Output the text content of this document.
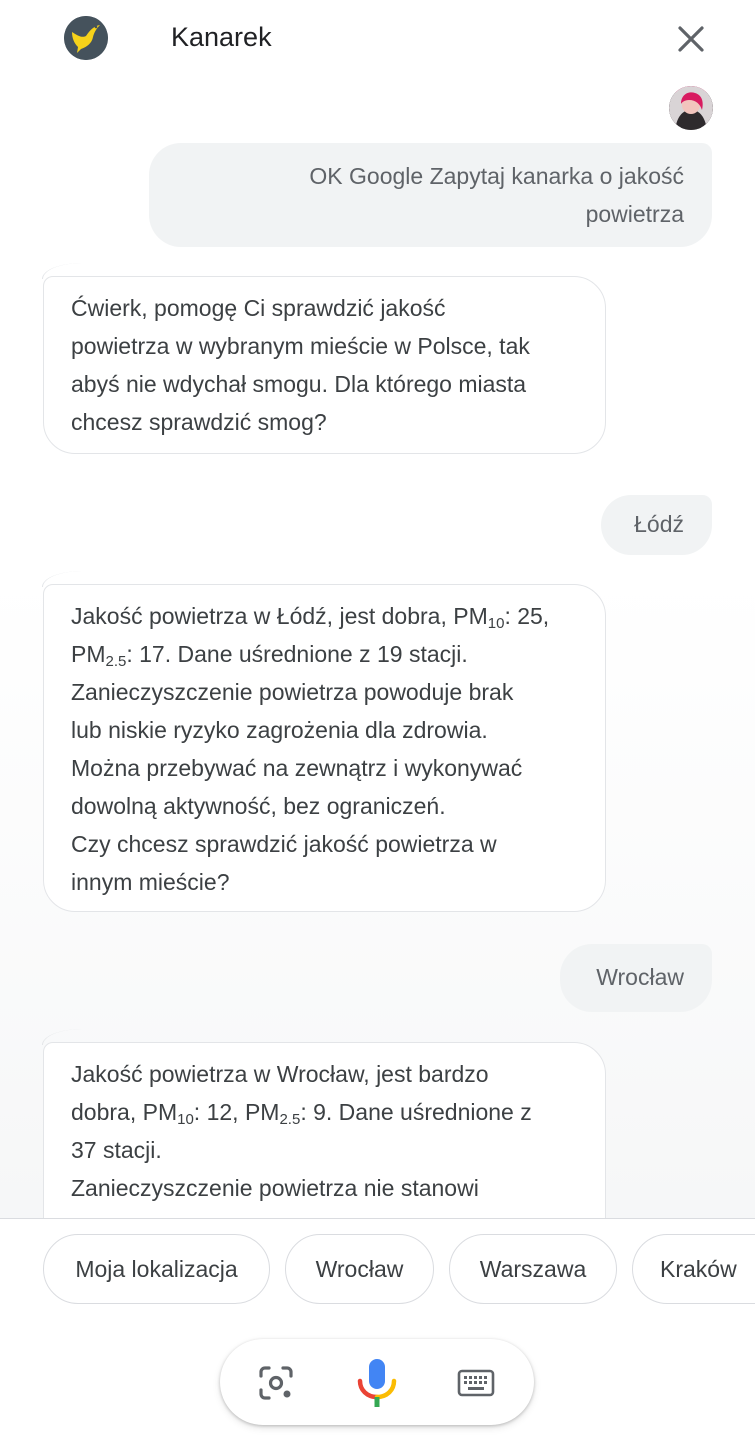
Kanarek
OK Google Zapytaj kanarka o jakość
powietrza
Ćwierk, pomogę Ci sprawdzić jakość
powietrza w wybranym mieście w Polsce, tak
abyś nie wdychał smogu. Dla którego miasta
chcesz sprawdzić smog?
Łódź
Jakość powietrza w Łódź, jest dobra, $PM_{10}$: 25,
$PM_{2.5}$: 17. Dane uśrednione z 19 stacji.
Zanieczyszczenie powietrza powoduje brak
lub niskie ryzyko zagrożenia dla zdrowia.
Można przebywać na zewnątrz i wykonywać
dowolną aktywność, bez ograniczeń.
Czy chcesz sprawdzić jakość powietrza w
innym mieście?
Wrocław
Jakość powietrza w Wrocław, jest bardzo
dobra, $PM_{10}$: 12, $PM_{2.5}$: 9. Dane uśrednione z
37 stacji.
Zanieczyszczenie powietrza nie stanowi
Moja lokalizacja	Wrocław	Warszawa	Kraków
